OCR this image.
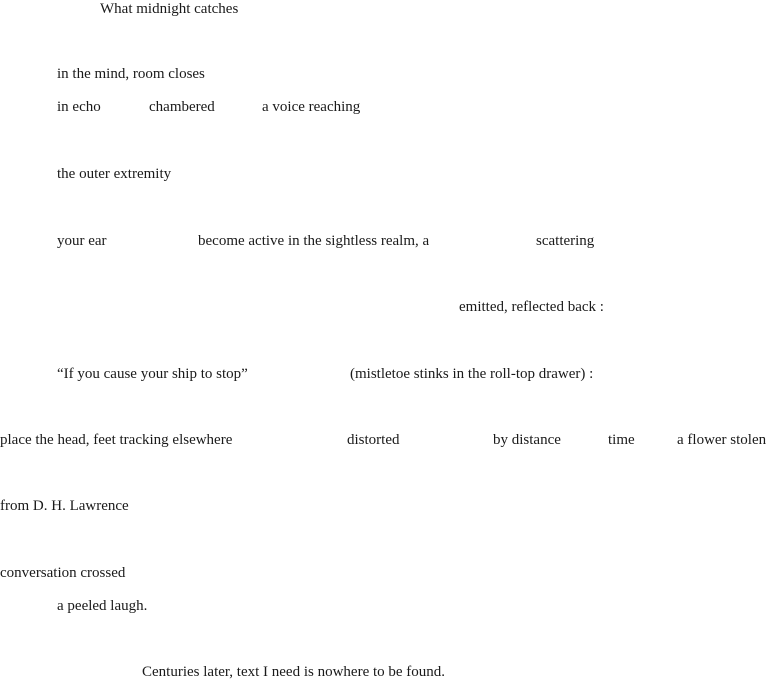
What midnight catches
in the mind, room closes
in echo	chambered	a voice reaching
the outer extremity
your ear	become active in the sightless realm, a	scattering
emitted, reflected back :
“If you cause your ship to stop”	(mistletoe stinks in the roll-top drawer) :
place the head, feet tracking elsewhere	distorted	by distance	time	a flower stolen
from D. H. Lawrence
conversation crossed
a peeled laugh.
Centuries later, text I need is nowhere to be found.
